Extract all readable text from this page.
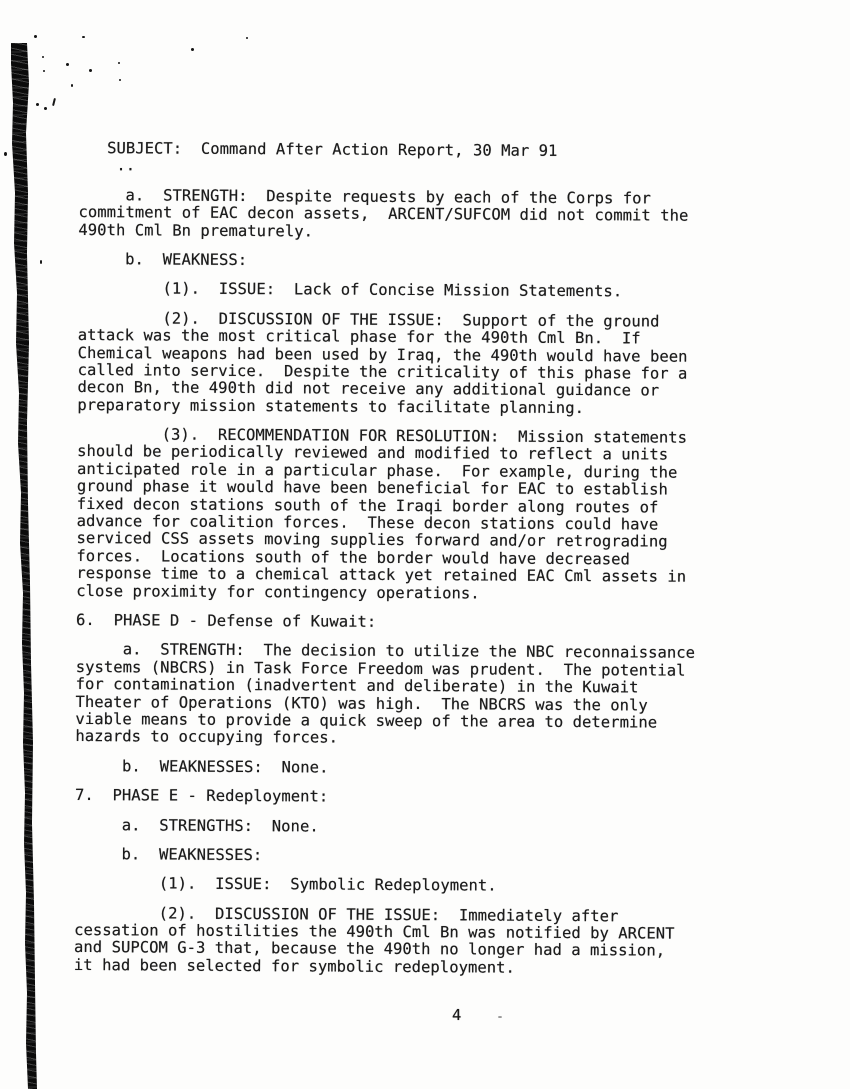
SUBJECT:  Command After Action Report, 30 Mar 91
..
a.  STRENGTH:  Despite requests by each of the Corps for
commitment of EAC decon assets,  ARCENT/SUFCOM did not commit the
490th Cml Bn prematurely.
b.  WEAKNESS:
(1).  ISSUE:  Lack of Concise Mission Statements.
(2).  DISCUSSION OF THE ISSUE:  Support of the ground
attack was the most critical phase for the 490th Cml Bn.  If
Chemical weapons had been used by Iraq, the 490th would have been
called into service.  Despite the criticality of this phase for a
decon Bn, the 490th did not receive any additional guidance or
preparatory mission statements to facilitate planning.
(3).  RECOMMENDATION FOR RESOLUTION:  Mission statements
should be periodically reviewed and modified to reflect a units
anticipated role in a particular phase.  For example, during the
ground phase it would have been beneficial for EAC to establish
fixed decon stations south of the Iraqi border along routes of
advance for coalition forces.  These decon stations could have
serviced CSS assets moving supplies forward and/or retrograding
forces.  Locations south of the border would have decreased
response time to a chemical attack yet retained EAC Cml assets in
close proximity for contingency operations.
6.  PHASE D - Defense of Kuwait:
a.  STRENGTH:  The decision to utilize the NBC reconnaissance
systems (NBCRS) in Task Force Freedom was prudent.  The potential
for contamination (inadvertent and deliberate) in the Kuwait
Theater of Operations (KTO) was high.  The NBCRS was the only
viable means to provide a quick sweep of the area to determine
hazards to occupying forces.
b.  WEAKNESSES:  None.
7.  PHASE E - Redeployment:
a.  STRENGTHS:  None.
b.  WEAKNESSES:
(1).  ISSUE:  Symbolic Redeployment.
(2).  DISCUSSION OF THE ISSUE:  Immediately after
cessation of hostilities the 490th Cml Bn was notified by ARCENT
and SUPCOM G-3 that, because the 490th no longer had a mission,
it had been selected for symbolic redeployment.
4
